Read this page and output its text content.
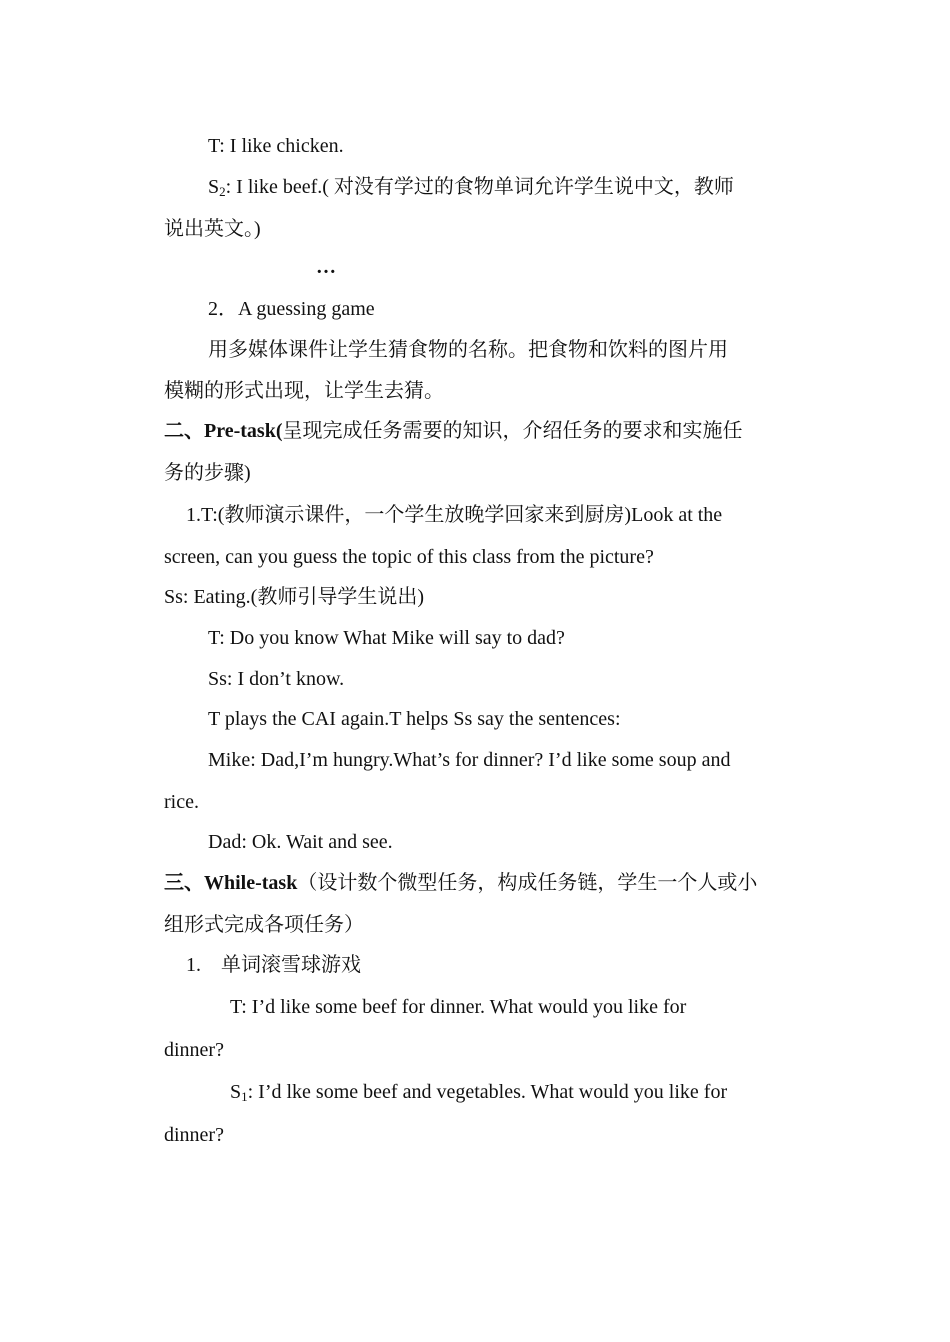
T: I like chicken.
$S_2$: I like beef.( 对没有学过的食物单词允许学生说中文，教师
说出英文。)
…
2．A guessing game
用多媒体课件让学生猜食物的名称。把食物和饮料的图片用
模糊的形式出现，让学生去猜。
二、Pre-task(呈现完成任务需要的知识，介绍任务的要求和实施任
务的步骤)
1.T:(教师演示课件，一个学生放晚学回家来到厨房)Look at the
screen, can you guess the topic of this class from the picture?
Ss: Eating.(教师引导学生说出)
T: Do you know What Mike will say to dad?
Ss: I don’t know.
T plays the CAI again.T helps Ss say the sentences:
Mike: Dad,I’m hungry.What’s for dinner? I’d like some soup and
rice.
Dad: Ok. Wait and see.
三、While-task（设计数个微型任务，构成任务链，学生一个人或小
组形式完成各项任务）
1. 单词滚雪球游戏
T: I’d like some beef for dinner. What would you like for
dinner?
$S_1$: I’d lke some beef and vegetables. What would you like for
dinner?
